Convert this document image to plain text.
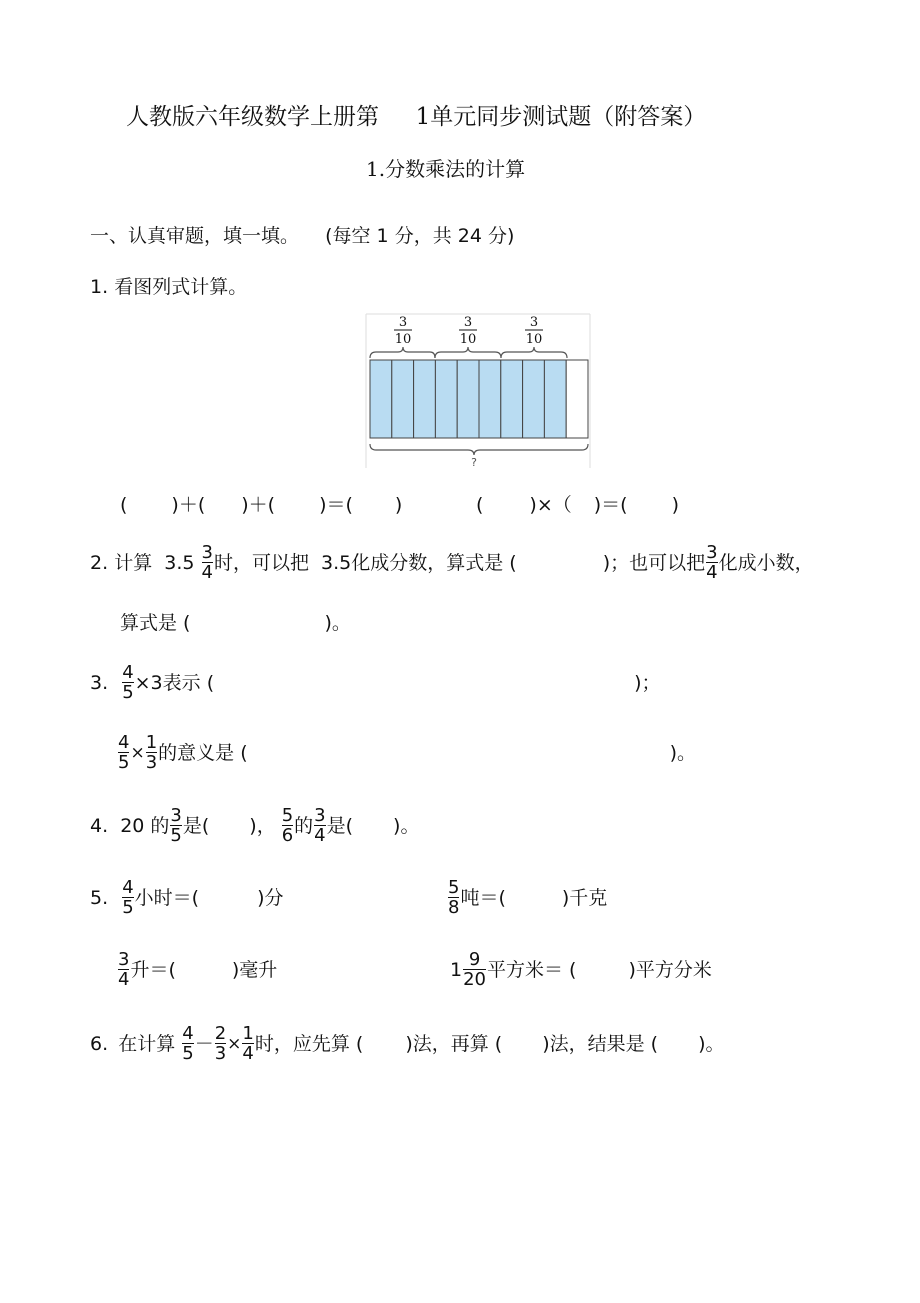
人教版六年级数学上册第 1单元同步测试题（附答案）
1.分数乘法的计算
一、认真审题，填一填。 (每空 1 分，共 24 分)
1. 看图列式计算。
3
10
3
10
3
10
?
( )＋( )＋( )＝( )	( )×（ )＝( )
2. 计算 $3.5 \frac{3}{4}$ 时，可以把 3.5化成分数，算式是 (	)；也可以把 $\frac{3}{4}$ 化成小数，
算式是 (	)。
3. $\frac{4}{5} \times 3$表示 (	)；
$\frac{4}{5} \times \frac{1}{3}$ 的意义是 (	)。
4. 20 的 $\frac{3}{5}$ 是( )， $\frac{5}{6}$ 的 $\frac{3}{4}$ 是( )。
5. $\frac{4}{5}$ 小时＝(	)分	$\frac{5}{8}$ 吨＝(	)千克
$\frac{3}{4}$ 升＝(	)毫升	$1 \frac{9}{20}$ 平方米＝ (	)平方分米
6. 在计算 $\frac{4}{5} - \frac{2}{3} \times \frac{1}{4}$ 时，应先算 ( )法，再算 ( )法，结果是 ( )。
